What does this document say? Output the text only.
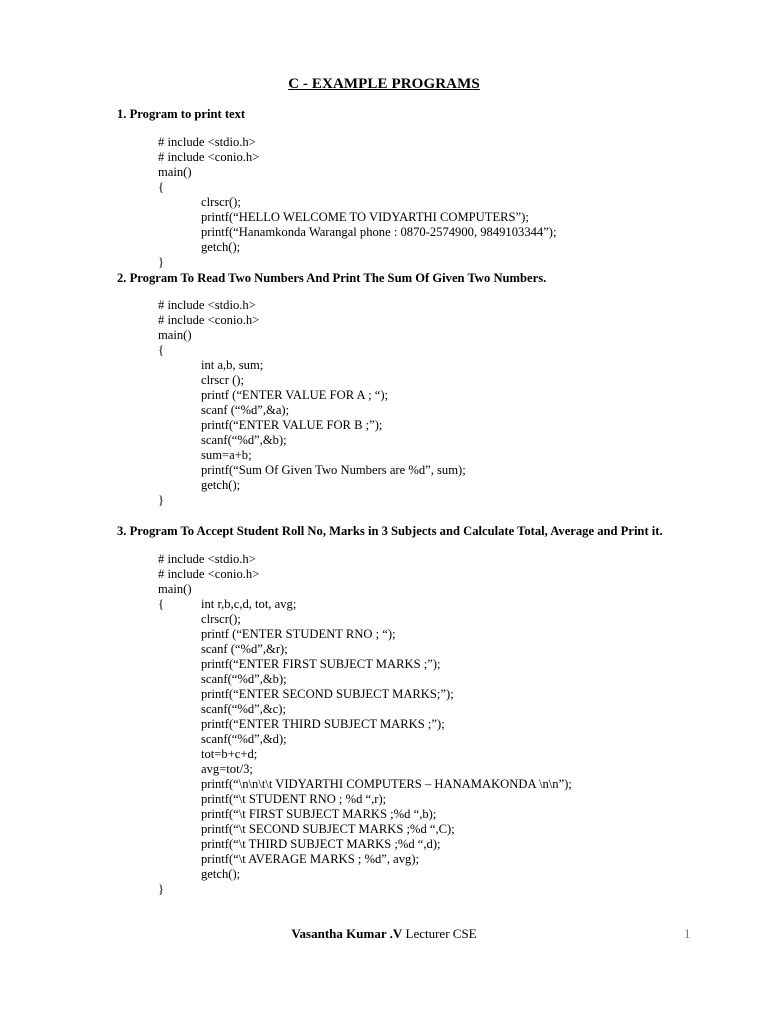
C - EXAMPLE PROGRAMS
1. Program to print text
# include <stdio.h>
# include <conio.h>
main()
{
clrscr();
printf(“HELLO WELCOME TO VIDYARTHI COMPUTERS”);
printf(“Hanamkonda Warangal phone : 0870-2574900, 9849103344”);
getch();
}
2. Program To Read Two Numbers And Print The Sum Of Given Two Numbers.
# include <stdio.h>
# include <conio.h>
main()
{
int a,b, sum;
clrscr ();
printf (“ENTER VALUE FOR A ; “);
scanf (“%d”,&a);
printf(“ENTER VALUE FOR B ;”);
scanf(“%d”,&b);
sum=a+b;
printf(“Sum Of Given Two Numbers are %d”, sum);
getch();
}
3. Program To Accept Student Roll No, Marks in 3 Subjects and Calculate Total, Average and Print it.
# include <stdio.h>
# include <conio.h>
main()
{	int r,b,c,d, tot, avg;
clrscr();
printf (“ENTER STUDENT RNO ; “);
scanf (“%d”,&r);
printf(“ENTER FIRST SUBJECT MARKS ;”);
scanf(“%d”,&b);
printf(“ENTER SECOND SUBJECT MARKS;”);
scanf(“%d”,&c);
printf(“ENTER THIRD SUBJECT MARKS ;”);
scanf(“%d”,&d);
tot=b+c+d;
avg=tot/3;
printf(“\n\n\t\t VIDYARTHI COMPUTERS – HANAMAKONDA \n\n”);
printf(“\t STUDENT RNO ; %d “,r);
printf(“\t FIRST SUBJECT MARKS ;%d “,b);
printf(“\t SECOND SUBJECT MARKS ;%d “,C);
printf(“\t THIRD SUBJECT MARKS ;%d “,d);
printf(“\t AVERAGE MARKS ; %d”, avg);
getch();
}
Vasantha Kumar .V Lecturer CSE	1
